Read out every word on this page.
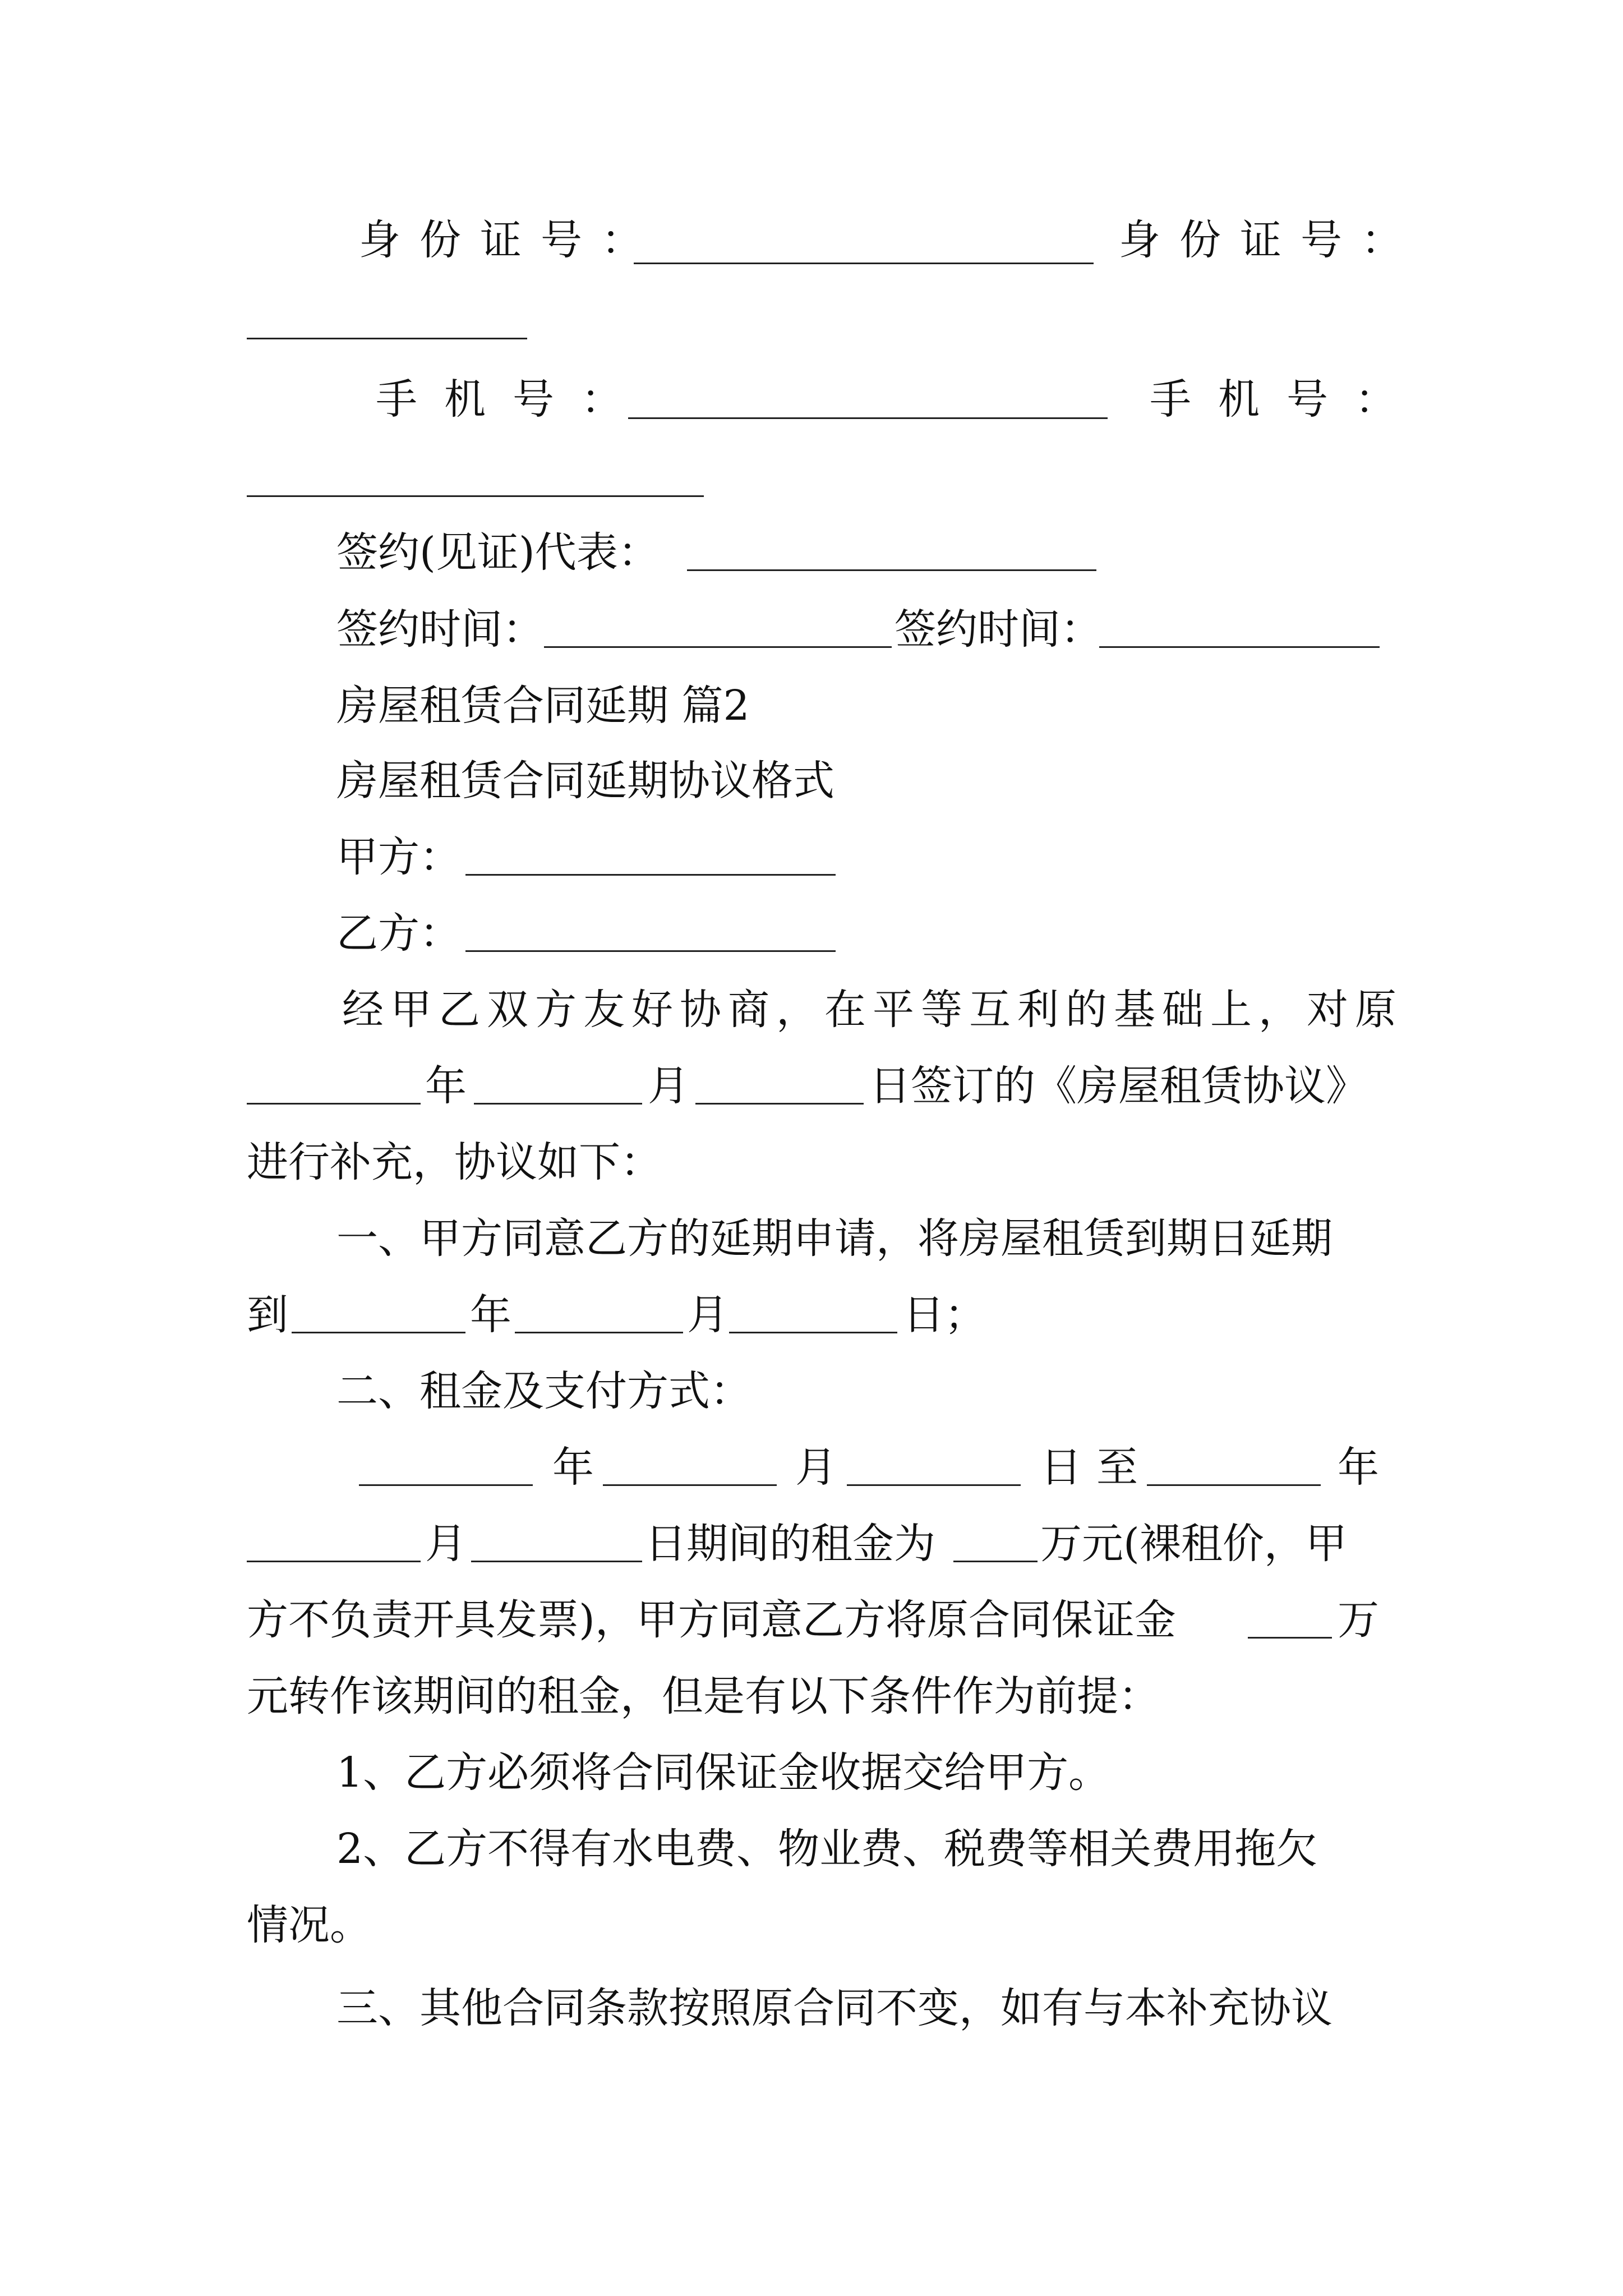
身份证号：	身份证号：
手机号：	手机号：
签约(见证)代表：
签约时间：	签约时间：
房屋租赁合同延期 篇2
房屋租赁合同延期协议格式
甲方：
乙方：
经甲乙双方友好协商，在平等互利的基础上，对原
年	月	日签订的《房屋租赁协议》
进行补充，协议如下：
一、甲方同意乙方的延期申请，将房屋租赁到期日延期
到	年	月	日；
二、租金及支付方式：
年	月	日至	年
月	日期间的租金为	万元(裸租价，甲
方不负责开具发票)，甲方同意乙方将原合同保证金	万
元转作该期间的租金，但是有以下条件作为前提：
1、乙方必须将合同保证金收据交给甲方。
2、乙方不得有水电费、物业费、税费等相关费用拖欠
情况。
三、其他合同条款按照原合同不变，如有与本补充协议
